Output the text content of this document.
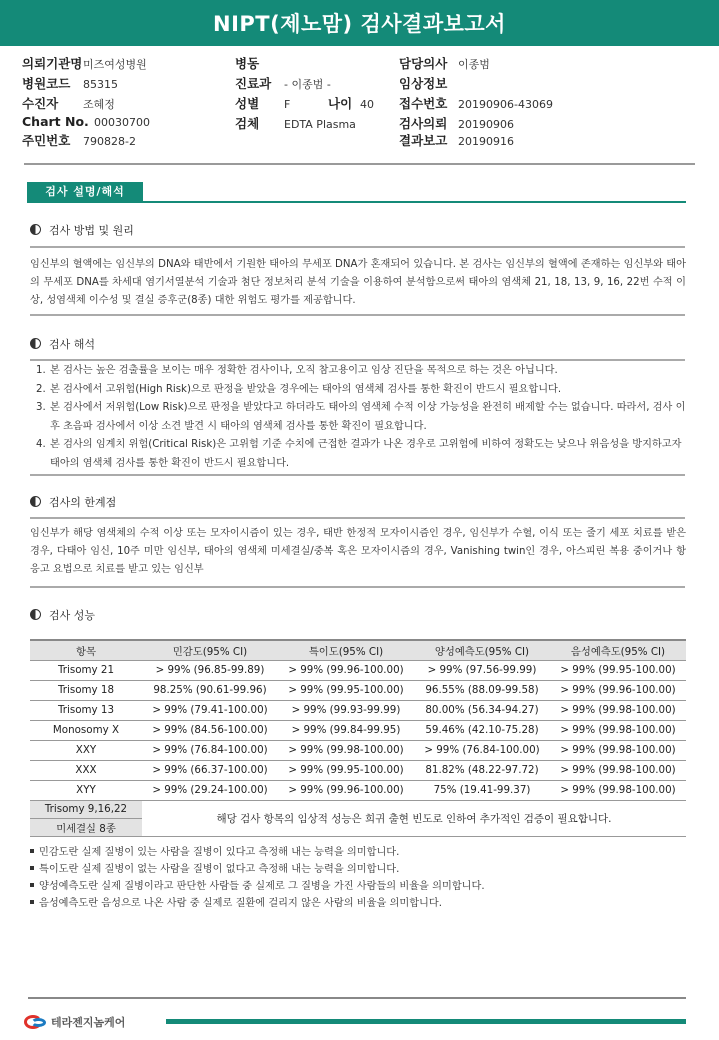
NIPT(제노맘) 검사결과보고서
의뢰기관명미즈여성병원
병원코드 85315
수진자 조혜정
Chart No. 00030700
주민번호 790828-2
병동
진료과 - 이종범 -
성별 F	나이 40
검체 EDTA Plasma
담당의사 이종범
임상정보
접수번호 20190906-43069
검사의뢰 20190906
결과보고 20190916
검사 설명/해석
검사 방법 및 원리
임신부의 혈액에는 임신부의 DNA와 태반에서 기원한 태아의 무세포 DNA가 혼재되어 있습니다. 본 검사는 임신부의 혈액에 존재하는 임신부와 태아의 무세포 DNA를 차세대 염기서열분석 기술과 첨단 정보처리 분석 기술을 이용하여 분석함으로써 태아의 염색체 21, 18, 13, 9, 16, 22번 수적 이상, 성염색체 이수성 및 결실 증후군(8종) 대한 위험도 평가를 제공합니다.
검사 해석
1. 본 검사는 높은 검출률을 보이는 매우 정확한 검사이나, 오직 참고용이고 임상 진단을 목적으로 하는 것은 아닙니다.
2. 본 검사에서 고위험(High Risk)으로 판정을 받았을 경우에는 태아의 염색체 검사를 통한 확진이 반드시 필요합니다.
3. 본 검사에서 저위험(Low Risk)으로 판정을 받았다고 하더라도 태아의 염색체 수적 이상 가능성을 완전히 배제할 수는 없습니다. 따라서, 검사 이후 초음파 검사에서 이상 소견 발견 시 태아의 염색체 검사를 통한 확진이 필요합니다.
4. 본 검사의 임계치 위험(Critical Risk)은 고위험 기준 수치에 근접한 결과가 나온 경우로 고위험에 비하여 정확도는 낮으나 위음성을 방지하고자 태아의 염색체 검사를 통한 확진이 반드시 필요합니다.
검사의 한계점
임신부가 해당 염색체의 수적 이상 또는 모자이시즘이 있는 경우, 태반 한정적 모자이시즘인 경우, 임신부가 수혈, 이식 또는 줄기 세포 치료를 받은 경우, 다태아 임신, 10주 미만 임신부, 태아의 염색체 미세결실/중복 혹은 모자이시즘의 경우, Vanishing twin인 경우, 아스피린 복용 중이거나 항 응고 요법으로 치료를 받고 있는 임신부
검사 성능
항목	민감도(95% CI)	특이도(95% CI)	양성예측도(95% CI)	음성예측도(95% CI)
Trisomy 21	> 99% (96.85-99.89)	> 99% (99.96-100.00)	> 99% (97.56-99.99)	> 99% (99.95-100.00)
Trisomy 18	98.25% (90.61-99.96)	> 99% (99.95-100.00)	96.55% (88.09-99.58)	> 99% (99.96-100.00)
Trisomy 13	> 99% (79.41-100.00)	> 99% (99.93-99.99)	80.00% (56.34-94.27)	> 99% (99.98-100.00)
Monosomy X	> 99% (84.56-100.00)	> 99% (99.84-99.95)	59.46% (42.10-75.28)	> 99% (99.98-100.00)
XXY	> 99% (76.84-100.00)	> 99% (99.98-100.00)	> 99% (76.84-100.00)	> 99% (99.98-100.00)
XXX	> 99% (66.37-100.00)	> 99% (99.95-100.00)	81.82% (48.22-97.72)	> 99% (99.98-100.00)
XYY	> 99% (29.24-100.00)	> 99% (99.96-100.00)	75% (19.41-99.37)	> 99% (99.98-100.00)
Trisomy 9,16,22	해당 검사 항목의 임상적 성능은 희귀 출현 빈도로 인하여 추가적인 검증이 필요합니다.			
미세결실 8종				
민감도란 실제 질병이 있는 사람을 질병이 있다고 측정해 내는 능력을 의미합니다.
특이도란 실제 질병이 없는 사람을 질병이 없다고 측정해 내는 능력을 의미합니다.
양성예측도란 실제 질병이라고 판단한 사람들 중 실제로 그 질병을 가진 사람들의 비율을 의미합니다.
음성예측도란 음성으로 나온 사람 중 실제로 질환에 걸리지 않은 사람의 비율을 의미합니다.
테라젠지놈케어
